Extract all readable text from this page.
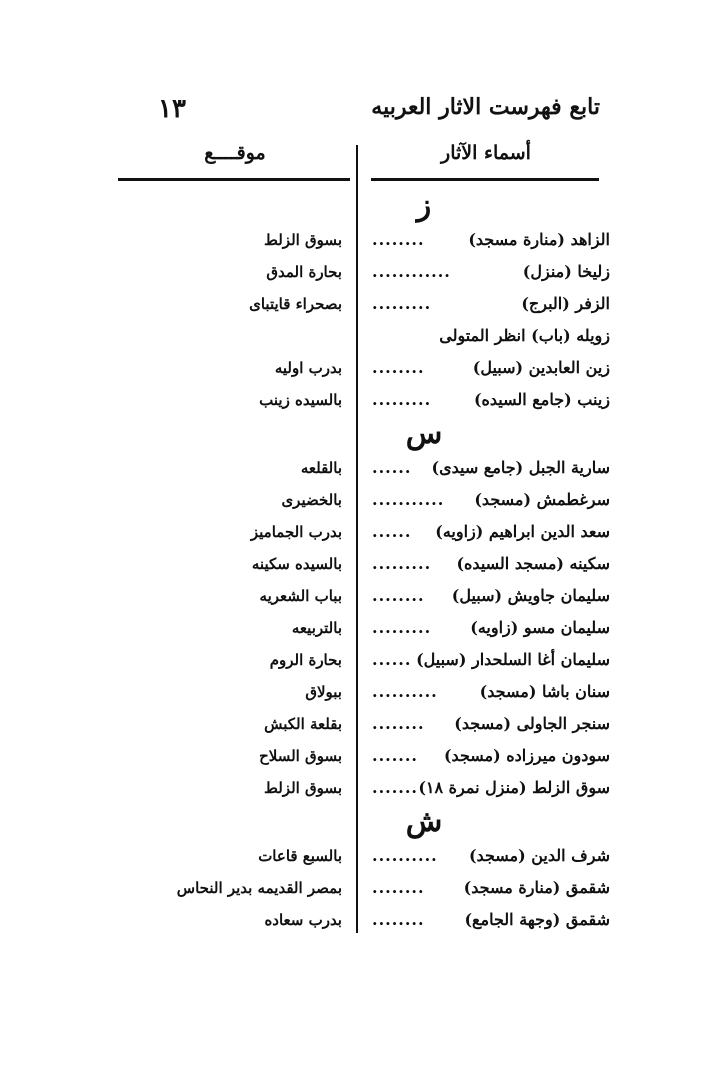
تابع فهرست الاثار العربيه
١٣
أسماء الآثار
موقــــع
ز
الزاهد (منارة مسجد)
........
بسوق الزلط
زليخا (منزل)
............
بحارة المدق
الزفر (البرج)
.........
بصحراء قايتباى
زويله (باب) انظر المتولى
زين العابدين (سبيل)
........
بدرب اوليه
زينب (جامع السيده)
.........
بالسيده زينب
س
سارية الجبل (جامع سيدى)
......
بالقلعه
سرغطمش (مسجد)
...........
بالخضيرى
سعد الدين ابراهيم (زاويه)
......
بدرب الجماميز
سكينه (مسجد السيده)
.........
بالسيده سكينه
سليمان جاويش (سبيل)
........
بباب الشعريه
سليمان مسو (زاويه)
.........
بالتربيعه
سليمان أغا السلحدار (سبيل)
......
بحارة الروم
سنان باشا (مسجد)
..........
ببولاق
سنجر الجاولى (مسجد)
........
بقلعة الكبش
سودون ميرزاده (مسجد)
.......
بسوق السلاح
سوق الزلط (منزل نمرة ١٨)
.......
بسوق الزلط
ش
شرف الدين (مسجد)
..........
بالسبع قاعات
شقمق (منارة مسجد)
........
بمصر القديمه بدير النحاس
شقمق (وجهة الجامع)
........
بدرب سعاده
